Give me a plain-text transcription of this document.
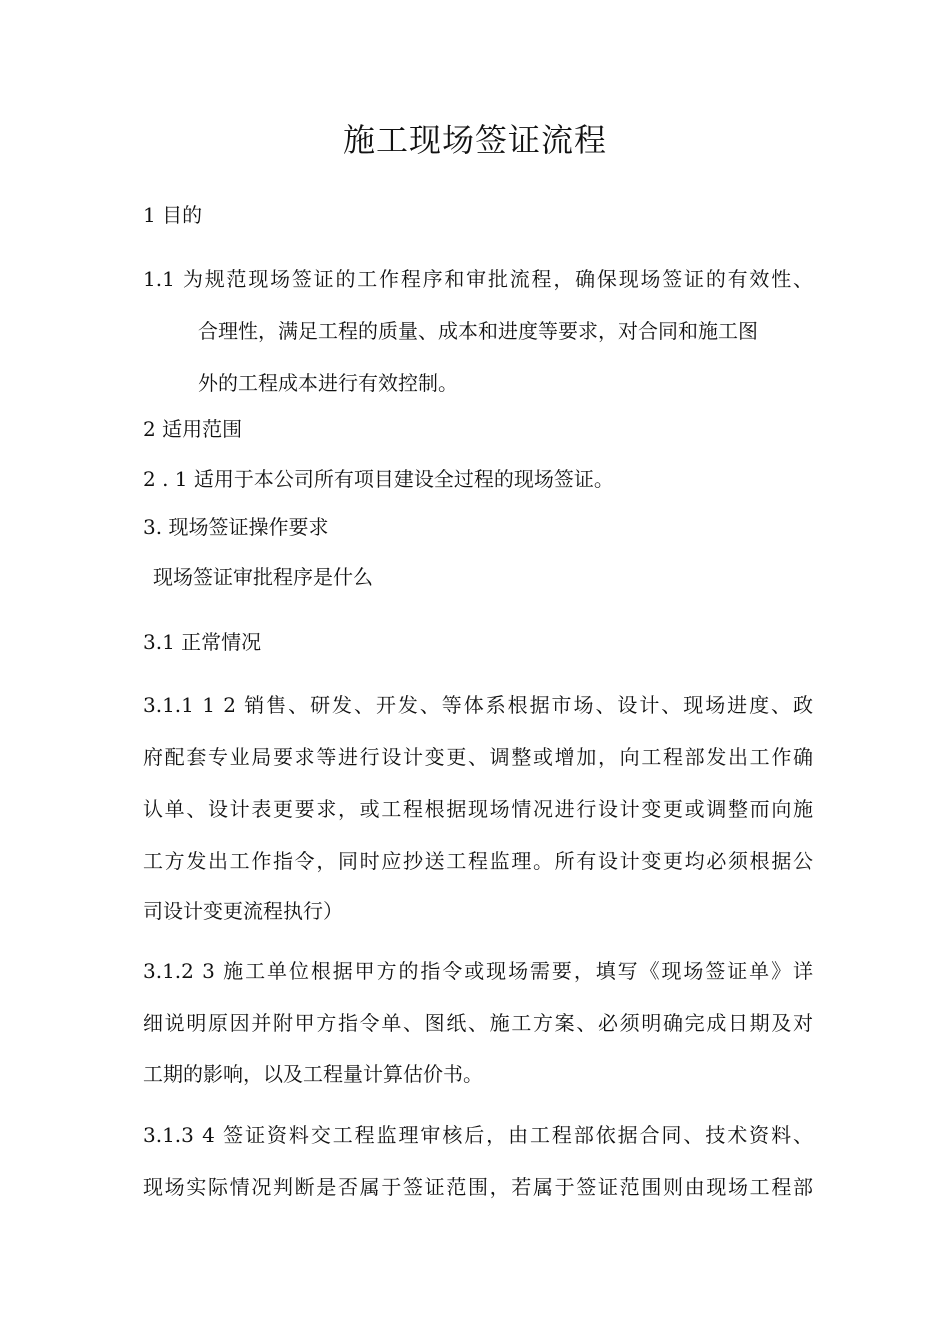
施工现场签证流程
1 目的
1.1 为规范现场签证的工作程序和审批流程，确保现场签证的有效性、
合理性，满足工程的质量、成本和进度等要求，对合同和施工图
外的工程成本进行有效控制。
2 适用范围
2 . 1 适用于本公司所有项目建设全过程的现场签证。
3. 现场签证操作要求
现场签证审批程序是什么
3.1 正常情况
3.1.1 1 2 销售、研发、开发、等体系根据市场、设计、现场进度、政
府配套专业局要求等进行设计变更、调整或增加，向工程部发出工作确
认单、设计表更要求，或工程根据现场情况进行设计变更或调整而向施
工方发出工作指令，同时应抄送工程监理。所有设计变更均必须根据公
司设计变更流程执行）
3.1.2 3 施工单位根据甲方的指令或现场需要，填写《现场签证单》详
细说明原因并附甲方指令单、图纸、施工方案、必须明确完成日期及对
工期的影响，以及工程量计算估价书。
3.1.3 4 签证资料交工程监理审核后，由工程部依据合同、技术资料、
现场实际情况判断是否属于签证范围，若属于签证范围则由现场工程部
